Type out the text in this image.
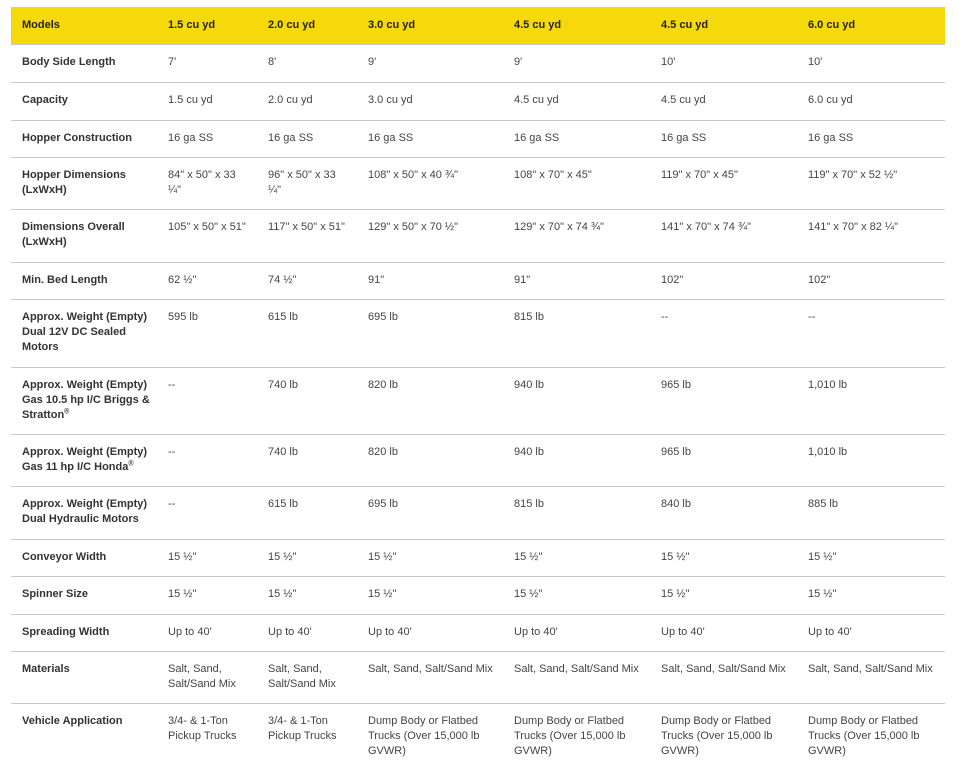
Models	1.5 cu yd	2.0 cu yd	3.0 cu yd	4.5 cu yd	4.5 cu yd	6.0 cu yd
Body Side Length	7'	8'	9'	9'	10'	10'
Capacity	1.5 cu yd	2.0 cu yd	3.0 cu yd	4.5 cu yd	4.5 cu yd	6.0 cu yd
Hopper Construction	16 ga SS	16 ga SS	16 ga SS	16 ga SS	16 ga SS	16 ga SS
Hopper Dimensions (LxWxH)	84" x 50" x 33 ¼"	96" x 50" x 33 ¼"	108" x 50" x 40 ¾"	108" x 70" x 45"	119" x 70" x 45"	119" x 70" x 52 ½"
Dimensions Overall (LxWxH)	105" x 50" x 51"	117" x 50" x 51"	129" x 50" x 70 ½"	129" x 70" x 74 ¾"	141" x 70" x 74 ¾"	141" x 70" x 82 ¼"
Min. Bed Length	62 ½"	74 ½"	91"	91"	102"	102"
Approx. Weight (Empty) Dual 12V DC Sealed Motors	595 lb	615 lb	695 lb	815 lb	--	--
Approx. Weight (Empty) Gas 10.5 hp I/C Briggs & Stratton®	--	740 lb	820 lb	940 lb	965 lb	1,010 lb
Approx. Weight (Empty) Gas 11 hp I/C Honda®	--	740 lb	820 lb	940 lb	965 lb	1,010 lb
Approx. Weight (Empty) Dual Hydraulic Motors	--	615 lb	695 lb	815 lb	840 lb	885 lb
Conveyor Width	15 ½"	15 ½"	15 ½"	15 ½"	15 ½"	15 ½"
Spinner Size	15 ½"	15 ½"	15 ½"	15 ½"	15 ½"	15 ½"
Spreading Width	Up to 40'	Up to 40'	Up to 40'	Up to 40'	Up to 40'	Up to 40'
Materials	Salt, Sand, Salt/Sand Mix	Salt, Sand, Salt/Sand Mix	Salt, Sand, Salt/Sand Mix	Salt, Sand, Salt/Sand Mix	Salt, Sand, Salt/Sand Mix	Salt, Sand, Salt/Sand Mix
Vehicle Application	3/4- & 1-Ton Pickup Trucks	3/4- & 1-Ton Pickup Trucks	Dump Body or Flatbed Trucks (Over 15,000 lb GVWR)	Dump Body or Flatbed Trucks (Over 15,000 lb GVWR)	Dump Body or Flatbed Trucks (Over 15,000 lb GVWR)	Dump Body or Flatbed Trucks (Over 15,000 lb GVWR)
